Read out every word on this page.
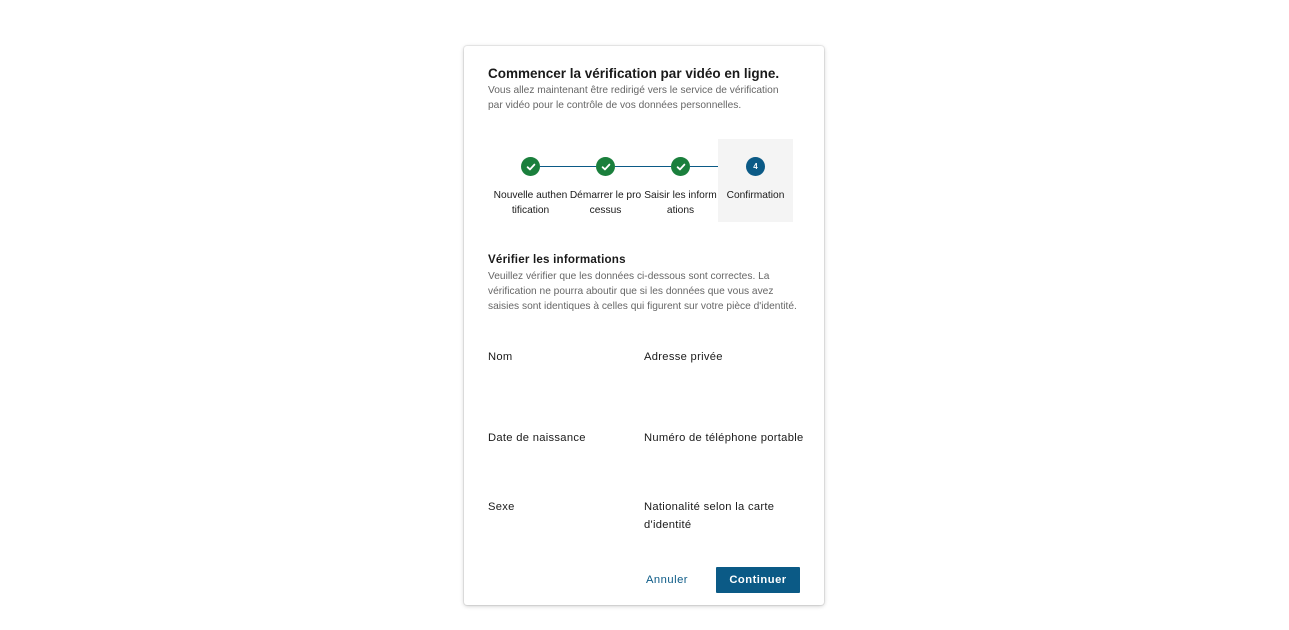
Commencer la vérification par vidéo en ligne.

Vous allez maintenant être redirigé vers le service de vérification par vidéo pour le contrôle de vos données personnelles.

Nouvelle authentification
Démarrer le processus
Saisir les informations
4
Confirmation
Vérifier les informations

Veuillez vérifier que les données ci-dessous sont correctes. La vérification ne pourra aboutir que si les données que vous avez saisies sont identiques à celles qui figurent sur votre pièce d'identité.

Nom	Adresse privée
Date de naissance	Numéro de téléphone portable
Sexe	Nationalité selon la carte d'identité
Annuler	Continuer
